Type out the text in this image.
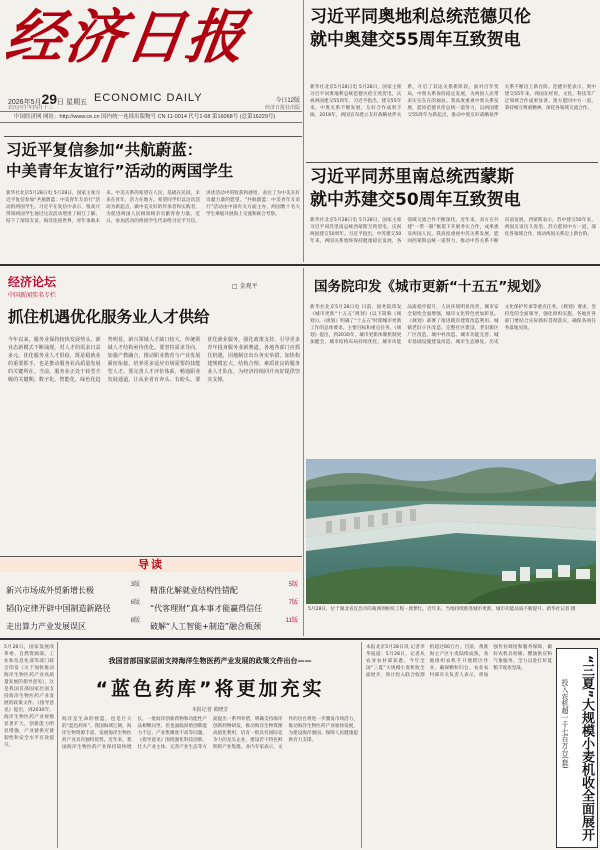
经济日报
2026年5月29日 星期五 ECONOMIC DAILY
农历丙午年四月十三
今日12版
经济日报社出版
中国经济网 网址：http://www.ce.cn 国内统一连续出版物号 CN 11-0014 代号1-68 第16068号 (总第16229号)
习近平同奥地利总统范德贝伦
就中奥建交55周年互致贺电
新华社北京5月28日电 5月28日，国家主席习近平同奥地利总统范德贝伦互致贺电，庆祝两国建交55周年。习近平指出，建交55年来，中奥关系不断发展，友好合作成果丰硕。2018年，两国宣布建立友好战略伙伴关系，开启了双边关系新阶段。面对百年变局，中奥关系保持稳定发展，为两国人民带来实实在在的福祉。我高度重视中奥关系发展，愿同范德贝伦总统一道努力，以两国建交55周年为新起点，推动中奥友好战略伙伴关系不断迈上新台阶。范德贝伦表示，奥中建交55年来，两国在经贸、文化、科技等广泛领域合作成果显著。奥方愿同中方一道，秉持相互尊重精神，深化各领域交流合作。
习近平同苏里南总统西蒙斯
就中苏建交50周年互致贺电
新华社北京5月28日电 5月28日，国家主席习近平同苏里南总统西蒙斯互致贺电，庆祝两国建交50周年。习近平指出，中苏建交50年来，两国关系始终保持健康稳定发展，各领域交流合作不断深化。近年来，双方在共建“一带一路”框架下开展务实合作，成果惠及两国人民。我高度重视中苏关系发展，愿同西蒙斯总统一道努力，推动中苏关系不断向前发展。西蒙斯表示，苏中建交50年来，两国友谊历久弥坚。苏方愿同中方一道，深化各领域合作，推动两国关系迈上新台阶。
习近平复信参加“共航蔚蓝：
中美青年友谊行”活动的两国学生
新华社北京5月28日电 5月28日，国家主席习近平复信参加“共航蔚蓝：中美青年友谊行”活动的两国学生。习近平在复信中表示，很高兴得知两国学生通过这次活动增进了相互了解、结下了深厚友谊。海洋连接世界，青年承载未来。中美关系的希望在人民，基础在民间，未来在青年，活力在地方。希望同学们以这次活动为新起点，做中美友好的传承者和实践者，为促进两国人民相知相亲贡献青春力量。近日，参加活动的两国学生代表给习近平写信，讲述活动中的收获和感悟，表达了为中美友好贡献力量的愿望。“共航蔚蓝：中美青年友谊行”活动由中国有关方面主办，两国数十名大学生乘船开展海上交流和联合考察。
经济论坛
中国新闻奖名专栏
□ 金观平
抓住机遇优化服务业人才供给
今年以来，服务业保持较快发展势头，新业态新模式不断涌现，对人才的需求日益多元。优化服务业人才供给，既是稳就业的重要抓手，也是推动服务业高质量发展的关键所在。当前，服务业正处于转型升级的关键期，数字化、智能化、绿色化趋势明显，新兴领域人才缺口较大，传统领域人才结构亟待优化。要坚持需求导向，加强产教融合，推动职业教育与产业发展紧密衔接，培养更多适应市场需要的技能型人才。要完善人才评价体系，畅通职业发展通道，让从业者有奔头、有盼头。要优化就业服务，强化政策支持，引导更多青年投身服务业新赛道。各地各部门应抓住机遇，因地制宜出台务实举措，加快构建规模宏大、结构合理、素质优良的服务业人才队伍，为经济持续回升向好提供坚实支撑。
国务院印发《城市更新“十五五”规划》
新华社北京5月28日电 日前，国务院印发《城市更新“十五五”规划》(以下简称《规划》)。《规划》明确了“十五五”时期城市更新工作的总体要求、主要目标和重点任务。《规划》提出，到2030年，城市更新体制机制更加健全，城市结构布局持续优化，城市功能品质稳步提升，人居环境明显改善，城市安全韧性全面增强，城市文化特色更加彰显。《规划》部署了推进既有建筑改造利用、城镇老旧小区改造、完整社区建设、老旧街区厂区改造、城中村改造、城市功能完善、城市基础设施建设改造、城市生态修复、历史文化保护传承等重点任务。《规划》要求，坚持党的全面领导，强化组织实施，各地区各部门要结合实际抓好贯彻落实，确保各项任务落地见效。
5月28日，位于湖北省宜昌市的葛洲坝枢纽工程一派繁忙。近年来，当地持续推进城市更新，城市功能品质不断提升。新华社记者 摄
导读
新兴市场成外贸新增长极
3版
精准化解就业结构性错配
5版
韬(ǐ)定律开辟中国制造新路径
6版
“代客理财”真本事才能赢得信任
7版
走出算力产业发展误区
8版
破解“人工智能+制造”融合瓶颈
11版
5月28日，国家发展改革委、自然资源部、工业和信息化部等部门联合印发《关于加快推动海洋生物医药产业高质量发展的指导意见》，这是我国首部国家层面支持海洋生物医药产业发展的政策文件。《指导意见》提出，到2030年，海洋生物医药产业规模显著扩大，创新能力明显增强，产业链供应链韧性和安全水平有效提升。
我国首部国家层面支持海洋生物医药产业发展的政策文件出台——
“蓝色药库”将更加充实
本报记者 黄晓芳
海洋是生命的摇篮，也是巨大的“蓝色药库”。我国海域辽阔，海洋生物资源丰富，发展海洋生物医药产业具有独特优势。近年来，我国海洋生物医药产业保持较快增长，一批海洋创新药物和功能性产品相继问世，但也面临原始创新能力不足、产业集聚度不高等问题。《指导意见》围绕强化科技创新、壮大产业主体、完善产业生态等方面提出一系列举措，明确支持海洋创新药物研发，推动海洋生物资源高值化利用，培育一批具有国际竞争力的龙头企业，建设若干特色鲜明的产业集群。业内专家表示，文件的出台将进一步激发市场活力，推动海洋生物医药产业加快发展，为建设海洋强国、保障人民健康提供有力支撑。
本报北京5月28日讯 记者李华报道：5月28日，记者从农业农村部获悉，今年全国“三夏”大规模小麦机收全面展开，预计投入联合收割机超过60万台。目前，黄淮海主产区小麦陆续成熟，各地组织农机手开展跨区作业，确保颗粒归仓。农业农村部有关负责人表示，将加强作业调度和服务保障，做好农机具检修、燃油供应和气象服务，全力以赴打好夏粮丰收攻坚战。	“三夏”大规模小麦机收全面展开
投入农机超一千七百万台(套)
